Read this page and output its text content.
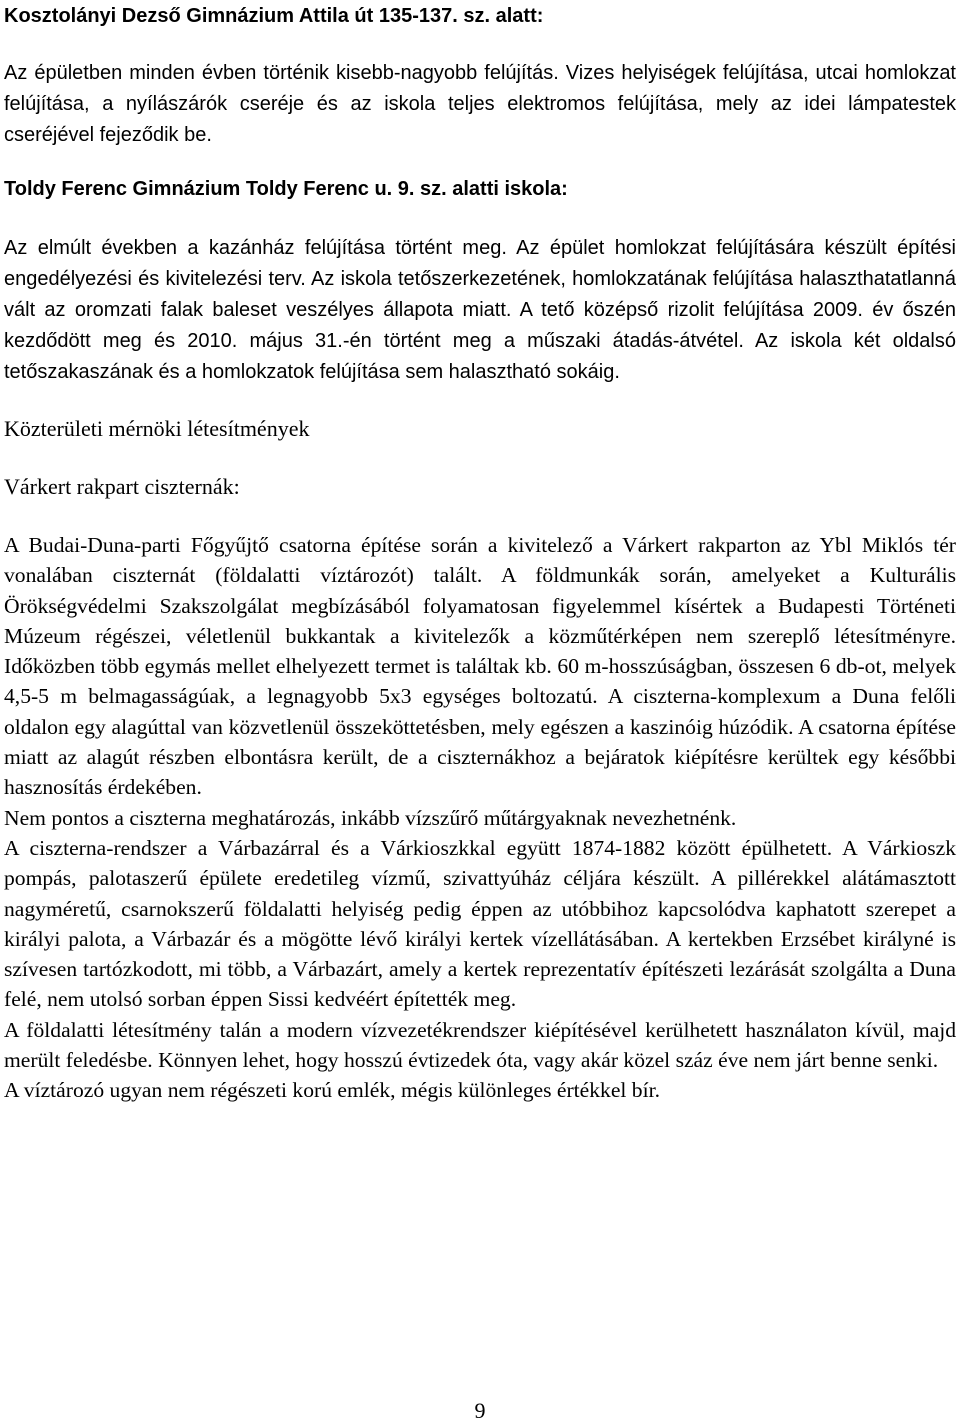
Kosztolányi Dezső Gimnázium Attila út 135-137. sz. alatt:

Az épületben minden évben történik kisebb-nagyobb felújítás. Vizes helyiségek felújítása, utcai homlokzat felújítása, a nyílászárók cseréje és az iskola teljes elektromos felújítása, mely az idei lámpatestek cseréjével fejeződik be.

Toldy Ferenc Gimnázium Toldy Ferenc u. 9. sz. alatti iskola:

Az elmúlt években a kazánház felújítása történt meg. Az épület homlokzat felújítására készült építési engedélyezési és kivitelezési terv. Az iskola tetőszerkezetének, homlokzatának felújítása halaszthatatlanná vált az oromzati falak baleset veszélyes állapota miatt. A tető középső rizolit felújítása 2009. év őszén kezdődött meg és 2010. május 31.-én történt meg a műszaki átadás-átvétel. Az iskola két oldalsó tetőszakaszának és a homlokzatok felújítása sem halasztható sokáig.

Közterületi mérnöki létesítmények

Várkert rakpart ciszternák:

A Budai-Duna-parti Főgyűjtő csatorna építése során a kivitelező a Várkert rakparton az Ybl Miklós tér vonalában ciszternát (földalatti víztározót) talált. A földmunkák során, amelyeket a Kulturális Örökségvédelmi Szakszolgálat megbízásából folyamatosan figyelemmel kísértek a Budapesti Történeti Múzeum régészei, véletlenül bukkantak a kivitelezők a közműtérképen nem szereplő létesítményre. Időközben több egymás mellet elhelyezett termet is találtak kb. 60 m-hosszúságban, összesen 6 db-ot, melyek 4,5-5 m belmagasságúak, a legnagyobb 5x3 egységes boltozatú. A ciszterna-komplexum a Duna felőli oldalon egy alagúttal van közvetlenül összeköttetésben, mely egészen a kaszinóig húzódik. A csatorna építése miatt az alagút részben elbontásra került, de a ciszternákhoz a bejáratok kiépítésre kerültek egy későbbi hasznosítás érdekében.

Nem pontos a ciszterna meghatározás, inkább vízszűrő műtárgyaknak nevezhetnénk.

A ciszterna-rendszer a Várbazárral és a Várkioszkkal együtt 1874-1882 között épülhetett. A Várkioszk pompás, palotaszerű épülete eredetileg vízmű, szivattyúház céljára készült. A pillérekkel alátámasztott nagyméretű, csarnokszerű földalatti helyiség pedig éppen az utóbbihoz kapcsolódva kaphatott szerepet a királyi palota, a Várbazár és a mögötte lévő királyi kertek vízellátásában. A kertekben Erzsébet királyné is szívesen tartózkodott, mi több, a Várbazárt, amely a kertek reprezentatív építészeti lezárását szolgálta a Duna felé, nem utolsó sorban éppen Sissi kedvéért építették meg.

A földalatti létesítmény talán a modern vízvezetékrendszer kiépítésével kerülhetett használaton kívül, majd merült feledésbe. Könnyen lehet, hogy hosszú évtizedek óta, vagy akár közel száz éve nem járt benne senki.

A víztározó ugyan nem régészeti korú emlék, mégis különleges értékkel bír.

9
